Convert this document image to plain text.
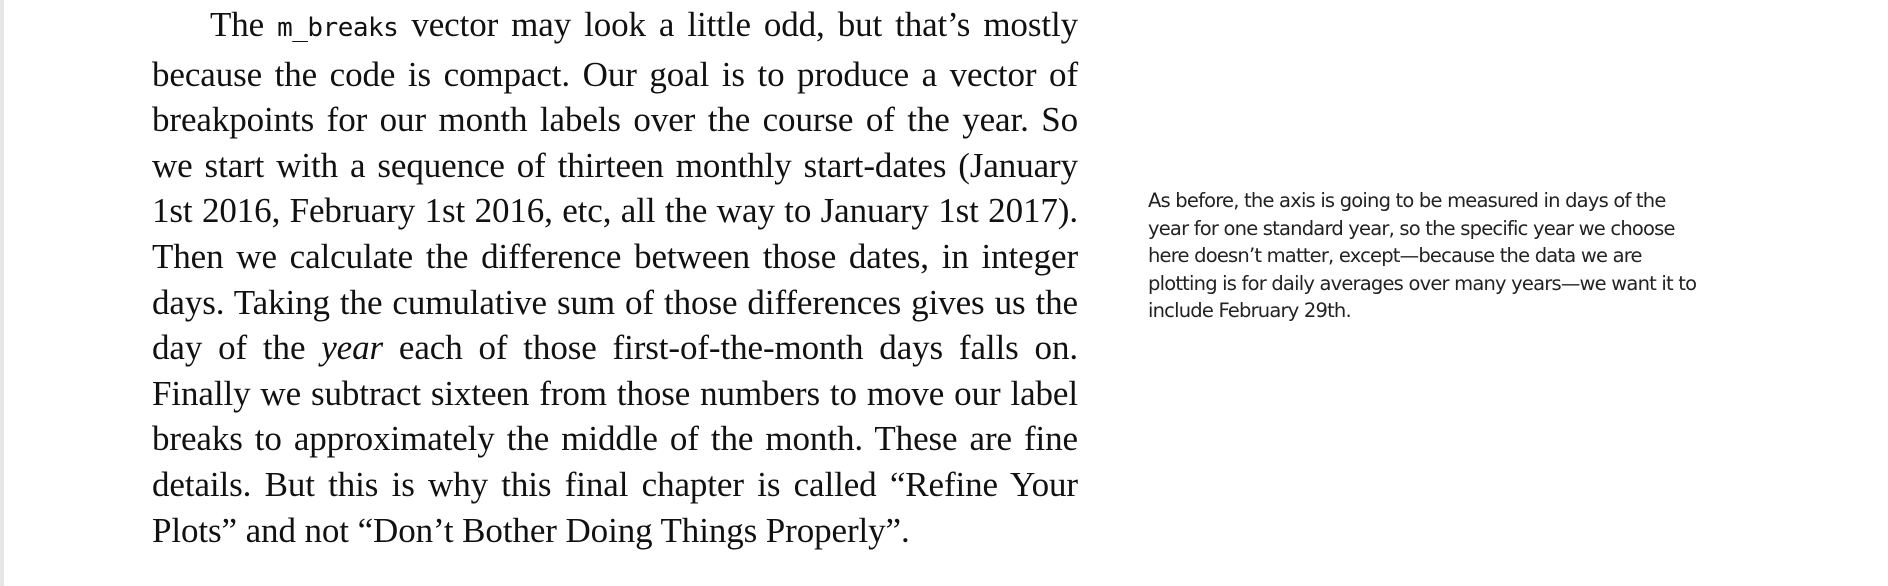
The m_breaks vector may look a little odd, but that’s mostly because the code is compact. Our goal is to produce a vector of breakpoints for our month labels over the course of the year. So we start with a sequence of thirteen monthly start-dates (January 1st 2016, February 1st 2016, etc, all the way to January 1st 2017). Then we calculate the difference between those dates, in integer days. Taking the cumulative sum of those differences gives us the day of the year each of those first-of-the-month days falls on. Finally we subtract sixteen from those numbers to move our label breaks to approximately the middle of the month. These are fine details. But this is why this final chapter is called “Refine Your Plots” and not “Don’t Bother Doing Things Properly”.

As before, the axis is going to be measured in days of the year for one standard year, so the specific year we choose here doesn’t matter, except—because the data we are plotting is for daily averages over many years—we want it to include February 29th.
